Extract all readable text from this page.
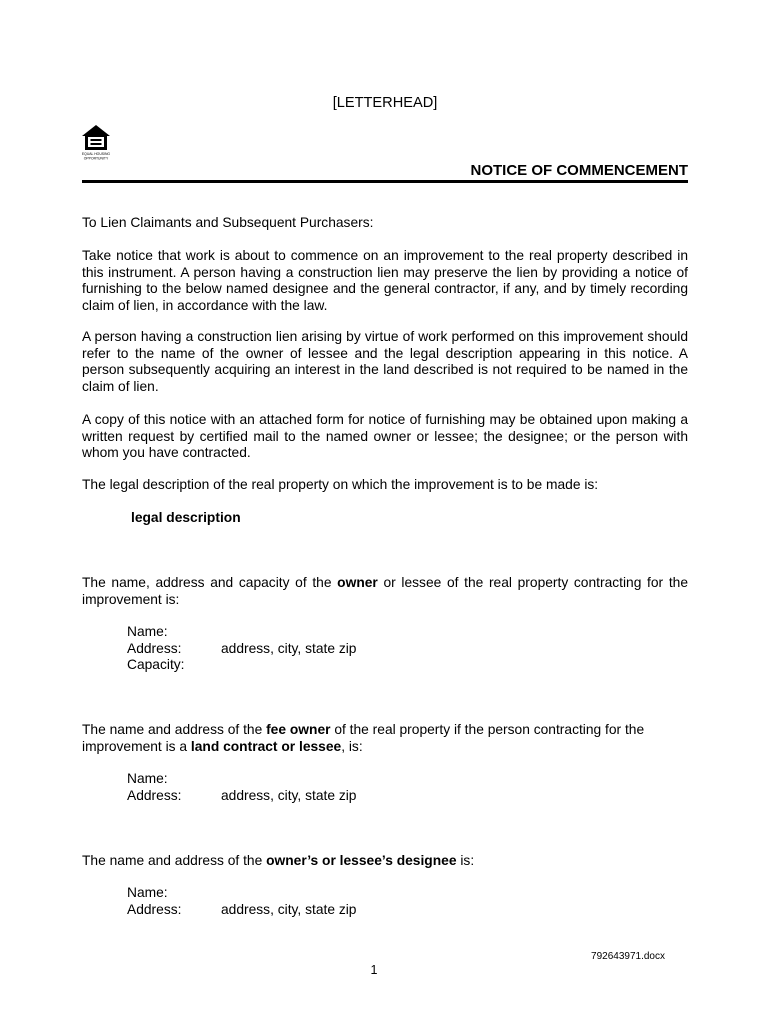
[LETTERHEAD]
EQUAL HOUSING
OPPORTUNITY
NOTICE OF COMMENCEMENT
To Lien Claimants and Subsequent Purchasers:
Take notice that work is about to commence on an improvement to the real property described in
this instrument. A person having a construction lien may preserve the lien by providing a notice of
furnishing to the below named designee and the general contractor, if any, and by timely recording
claim of lien, in accordance with the law.
A person having a construction lien arising by virtue of work performed on this improvement should
refer to the name of the owner of lessee and the legal description appearing in this notice. A
person subsequently acquiring an interest in the land described is not required to be named in the
claim of lien.
A copy of this notice with an attached form for notice of furnishing may be obtained upon making a
written request by certified mail to the named owner or lessee; the designee; or the person with
whom you have contracted.
The legal description of the real property on which the improvement is to be made is:
legal description
The name, address and capacity of the owner or lessee of the real property contracting for the
improvement is:
Name:
Address:	address, city, state zip
Capacity:
The name and address of the fee owner of the real property if the person contracting for the
improvement is a land contract or lessee, is:
Name:
Address:	address, city, state zip
The name and address of the owner’s or lessee’s designee is:
Name:
Address:	address, city, state zip
792643971.docx
1
